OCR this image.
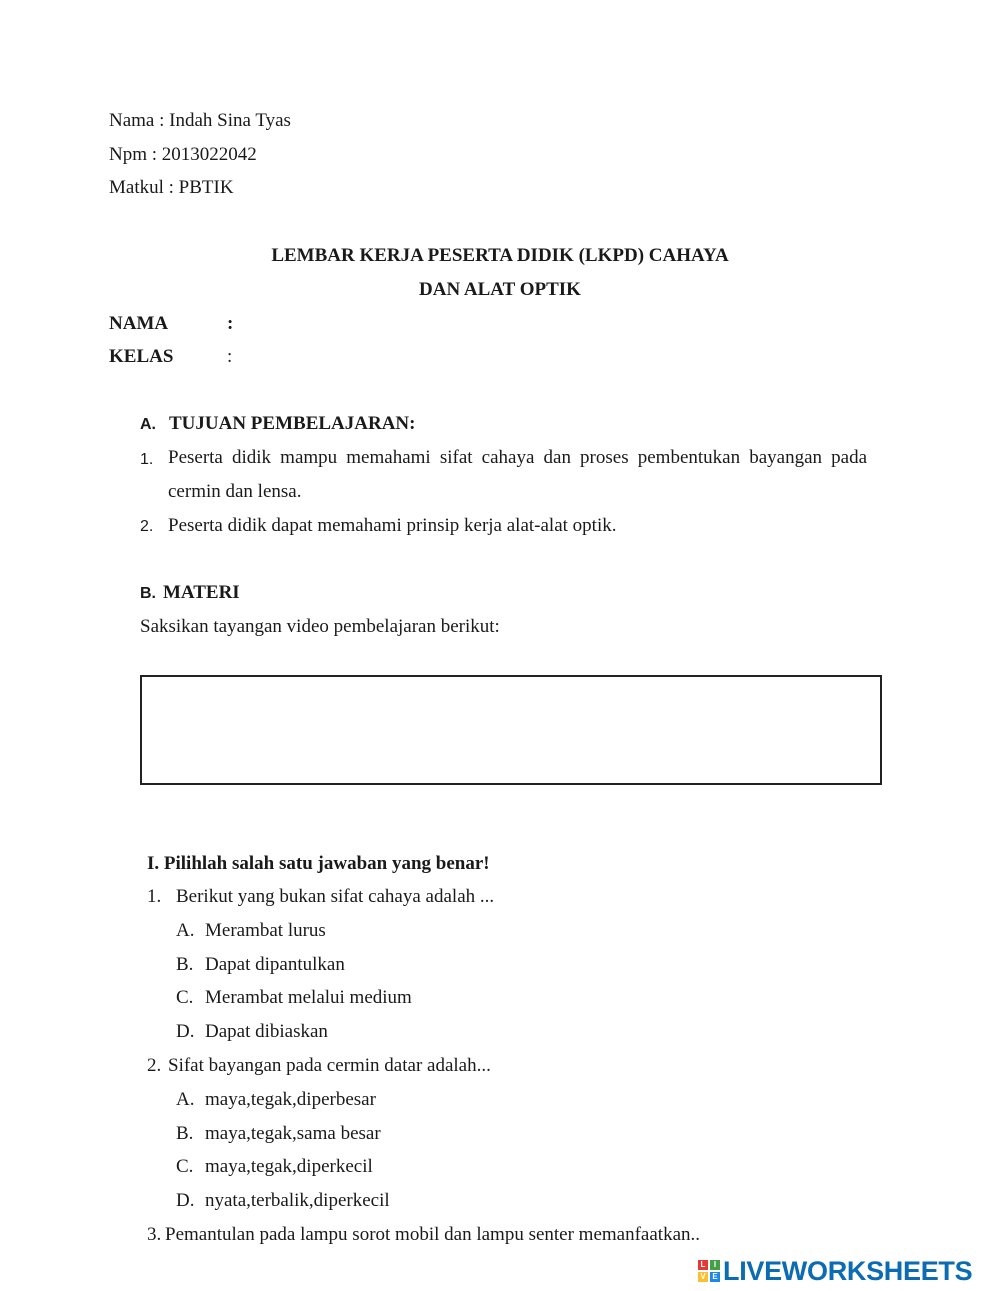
Nama : Indah Sina Tyas
Npm : 2013022042
Matkul : PBTIK
LEMBAR KERJA PESERTA DIDIK (LKPD) CAHAYA
DAN ALAT OPTIK
NAMA	:
KELAS	:
A. TUJUAN PEMBELAJARAN:
1. Peserta didik mampu memahami sifat cahaya dan proses pembentukan bayangan pada
cermin dan lensa.
2. Peserta didik dapat memahami prinsip kerja alat-alat optik.
B. MATERI
Saksikan tayangan video pembelajaran berikut:
I. Pilihlah salah satu jawaban yang benar!
1. Berikut yang bukan sifat cahaya adalah ...
A. Merambat lurus
B. Dapat dipantulkan
C. Merambat melalui medium
D. Dapat dibiaskan
2. Sifat bayangan pada cermin datar adalah...
A. maya,tegak,diperbesar
B. maya,tegak,sama besar
C. maya,tegak,diperkecil
D. nyata,terbalik,diperkecil
3. Pemantulan pada lampu sorot mobil dan lampu senter memanfaatkan..
L	I
V E LIVEWORKSHEETS
